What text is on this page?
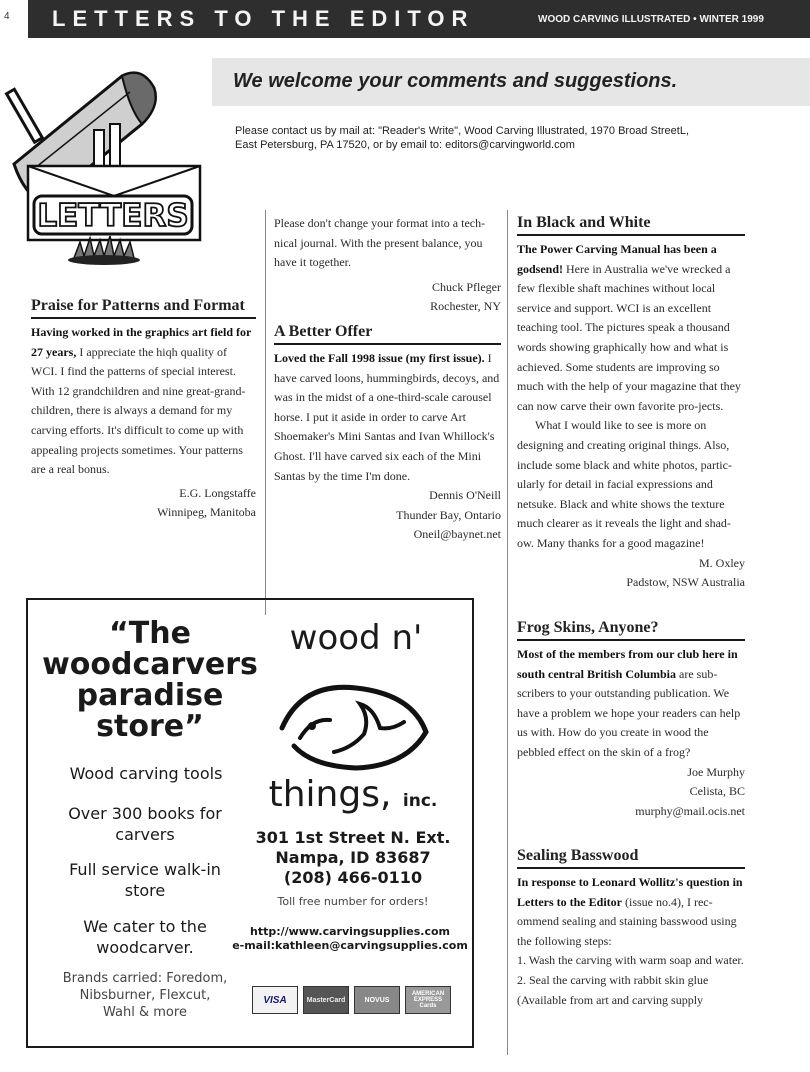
4 LETTERS TO THE EDITOR	WOOD CARVING ILLUSTRATED • WINTER 1999
LETTERS
We welcome your comments and suggestions.
Please contact us by mail at: "Reader's Write", Wood Carving Illustrated, 1970 Broad StreetL, East Petersburg, PA 17520, or by email to: editors@carvingworld.com
Praise for Patterns and Format

Having worked in the graphics art field for 27 years, I appreciate the hiqh quality of WCI. I find the patterns of special interest. With 12 grandchildren and nine great-grand-children, there is always a demand for my carving efforts. It's difficult to come up with appealing projects sometimes. Your patterns are a real bonus.

E.G. Longstaffe

Winnipeg, Manitoba

Please don't change your format into a tech-nical journal. With the present balance, you have it together.

Chuck Pfleger

Rochester, NY

A Better Offer

Loved the Fall 1998 issue (my first issue). I have carved loons, hummingbirds, decoys, and was in the midst of a one-third-scale carousel horse. I put it aside in order to carve Art Shoemaker's Mini Santas and Ivan Whillock's Ghost. I'll have carved six each of the Mini Santas by the time I'm done.

Dennis O'Neill

Thunder Bay, Ontario

Oneil@baynet.net

In Black and White

The Power Carving Manual has been a godsend! Here in Australia we've wrecked a few flexible shaft machines without local service and support. WCI is an excellent teaching tool. The pictures speak a thousand words showing graphically how and what is achieved. Some students are improving so much with the help of your magazine that they can now carve their own favorite pro-jects.

What I would like to see is more on designing and creating original things. Also, include some black and white photos, partic-ularly for detail in facial expressions and netsuke. Black and white shows the texture much clearer as it reveals the light and shad-ow. Many thanks for a good magazine!

M. Oxley

Padstow, NSW Australia

Frog Skins, Anyone?

Most of the members from our club here in south central British Columbia are sub-scribers to your outstanding publication. We have a problem we hope your readers can help us with. How do you create in wood the pebbled effect on the skin of a frog?

Joe Murphy

Celista, BC

murphy@mail.ocis.net

Sealing Basswood

In response to Leonard Wollitz's question in Letters to the Editor (issue no.4), I rec-ommend sealing and staining basswood using the following steps:

1. Wash the carving with warm soap and water.

2. Seal the carving with rabbit skin glue (Available from art and carving supply

“The woodcarvers paradise store”
Wood carving tools
Over 300 books for carvers
Full service walk-in store
We cater to the woodcarver.
Brands carried: Foredom, Nibsburner, Flexcut, Wahl & more
wood n'
things, inc.
301 1st Street N. Ext.
Nampa, ID 83687
(208) 466-0110
Toll free number for orders!
http://www.carvingsupplies.com
e-mail:kathleen@carvingsupplies.com
VISA	MasterCard	NOVUS
AMERICAN EXPRESS Cards
